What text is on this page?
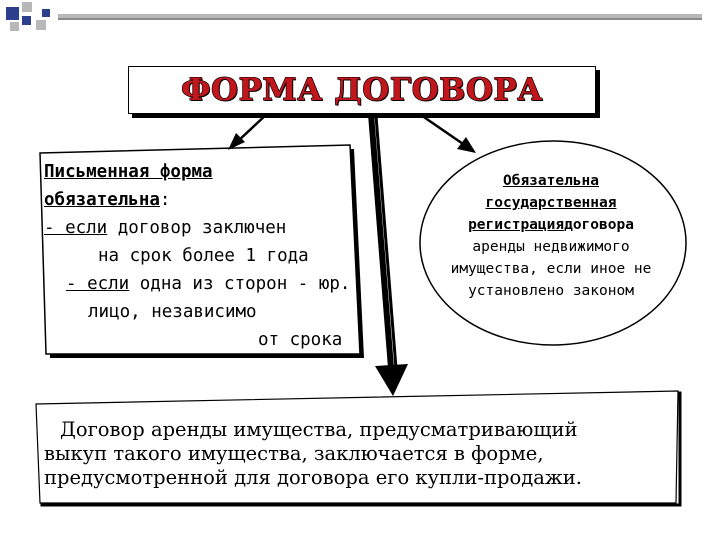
ФОРМА ДОГОВОРА
Письменная форма
обязательна:
- если договор заключен
на срок более 1 года
- если одна из сторон - юр.
лицо, независимо
от срока
Обязательна
государственная
регистрациядоговора
аренды недвижимого
имущества, если иное не
установлено законом
Договор аренды имущества, предусматривающий
выкуп такого имущества, заключается в форме,
предусмотренной для договора его купли-продажи.
